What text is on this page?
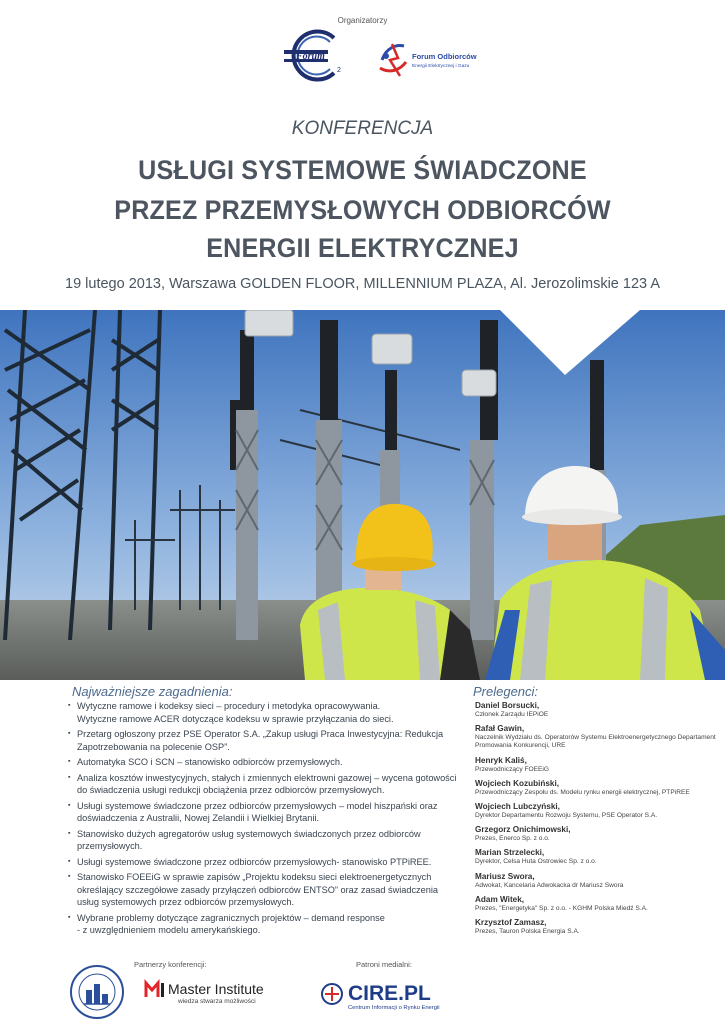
Organizatorzy
Forum
2
Forum Odbiorców
Energii Elektrycznej i Gazu
KONFERENCJA
USŁUGI SYSTEMOWE ŚWIADCZONE
PRZEZ PRZEMYSŁOWYCH ODBIORCÓW
ENERGII ELEKTRYCZNEJ
19 lutego 2013, Warszawa GOLDEN FLOOR, MILLENNIUM PLAZA, Al. Jerozolimskie 123 A
Najważniejsze zagadnienia:
▪ Wytyczne ramowe i kodeksy sieci – procedury i metodyka opracowywania.
Wytyczne ramowe ACER dotyczące kodeksu w sprawie przyłączania do sieci.
▪ Przetarg ogłoszony przez PSE Operator S.A. „Zakup usługi Praca Inwestycyjna: Redukcja Zapotrzebowania na polecenie OSP”.
▪ Automatyka SCO i SCN – stanowisko odbiorców przemysłowych.
▪ Analiza kosztów inwestycyjnych, stałych i zmiennych elektrowni gazowej – wycena gotowości do świadczenia usługi redukcji obciążenia przez odbiorców przemysłowych.
▪ Usługi systemowe świadczone przez odbiorców przemysłowych – model hiszpański oraz doświadczenia z Australii, Nowej Zelandii i Wielkiej Brytanii.
▪ Stanowisko dużych agregatorów usług systemowych świadczonych przez odbiorców przemysłowych.
▪ Usługi systemowe świadczone przez odbiorców przemysłowych- stanowisko PTPiREE.
▪ Stanowisko FOEEiG w sprawie zapisów „Projektu kodeksu sieci elektroenergetycznych określający szczegółowe zasady przyłączeń odbiorców ENTSO” oraz zasad świadczenia usług systemowych przez odbiorców przemysłowych.
▪ Wybrane problemy dotyczące zagranicznych projektów – demand response
- z uwzględnieniem modelu amerykańskiego.
Prelegenci:
Daniel Borsucki,
Członek Zarządu IEPiOE
Rafał Gawin,
Naczelnik Wydziału ds. Operatorów Systemu Elektroenergetycznego Departament Promowania Konkurencji, URE
Henryk Kaliś,
Przewodniczący FOEEiG
Wojciech Kozubiński,
Przewodniczący Zespołu ds. Modelu rynku energii elektrycznej, PTPiREE
Wojciech Lubczyński,
Dyrektor Departamentu Rozwoju Systemu, PSE Operator S.A.
Grzegorz Onichimowski,
Prezes, Enerco Sp. z o.o.
Marian Strzelecki,
Dyrektor, Celsa Huta Ostrowiec Sp. z o.o.
Mariusz Swora,
Adwokat, Kancelaria Adwokacka dr Mariusz Swora
Adam Witek,
Prezes, "Energetyka" Sp. z o.o. - KGHM Polska Miedź S.A.
Krzysztof Zamasz,
Prezes, Tauron Polska Energia S.A.
Partnerzy konferencji:	Patroni medialni:
Master Institute
wiedza stwarza możliwości	CIRE.PL
Centrum Informacji o Rynku Energii
